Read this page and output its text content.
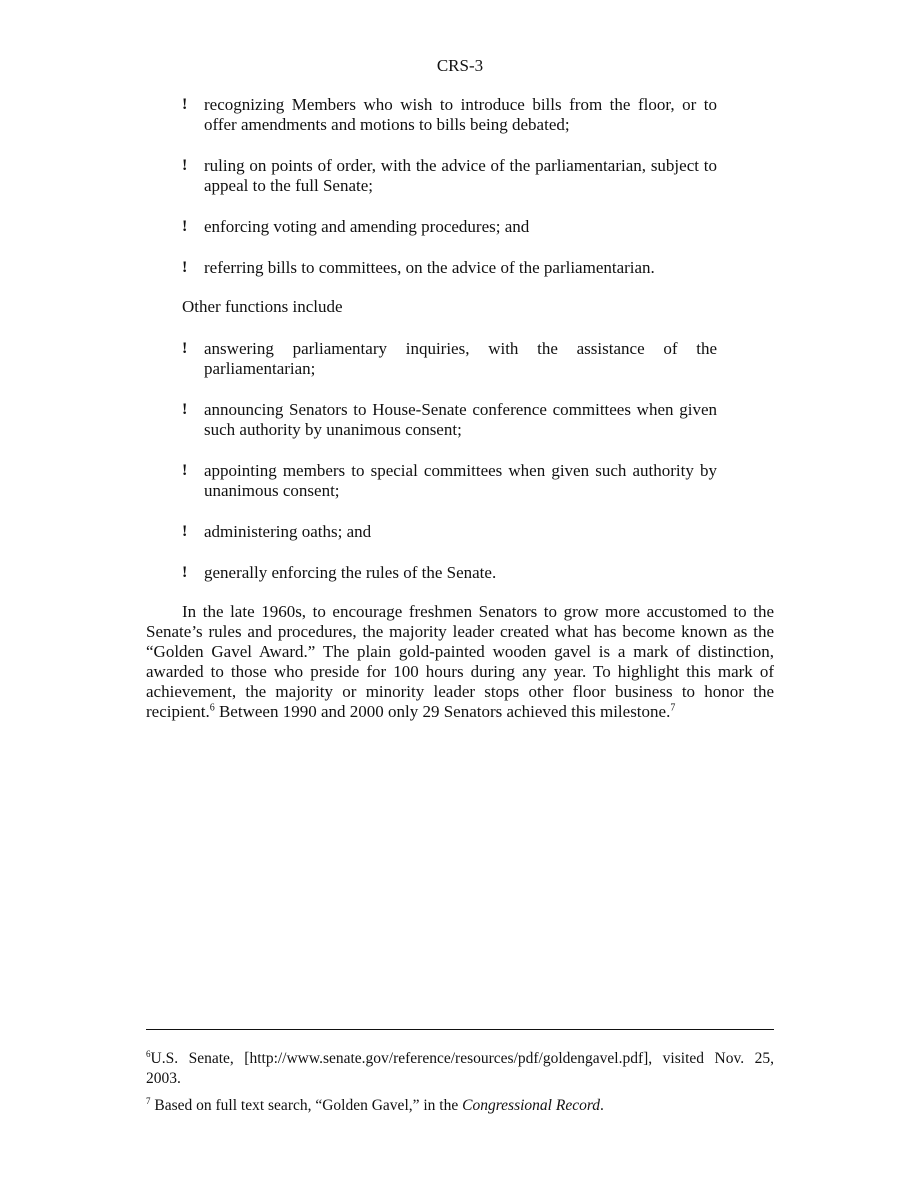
CRS-3

! recognizing Members who wish to introduce bills from the floor, or to offer amendments and motions to bills being debated;

! ruling on points of order, with the advice of the parliamentarian, subject to appeal to the full Senate;

! enforcing voting and amending procedures; and

! referring bills to committees, on the advice of the parliamentarian.

Other functions include

! answering parliamentary inquiries, with the assistance of the parliamentarian;

! announcing Senators to House-Senate conference committees when given such authority by unanimous consent;

! appointing members to special committees when given such authority by unanimous consent;

! administering oaths; and

! generally enforcing the rules of the Senate.

In the late 1960s, to encourage freshmen Senators to grow more accustomed to the Senate’s rules and procedures, the majority leader created what has become known as the “Golden Gavel Award.” The plain gold-painted wooden gavel is a mark of distinction, awarded to those who preside for 100 hours during any year. To highlight this mark of achievement, the majority or minority leader stops other floor business to honor the recipient.$^6$ Between 1990 and 2000 only 29 Senators achieved this milestone.$^7$

$^6$U.S. Senate, [http://www.senate.gov/reference/resources/pdf/goldengavel.pdf], visited Nov. 25, 2003.

$^7$ Based on full text search, “Golden Gavel,” in the Congressional Record.
